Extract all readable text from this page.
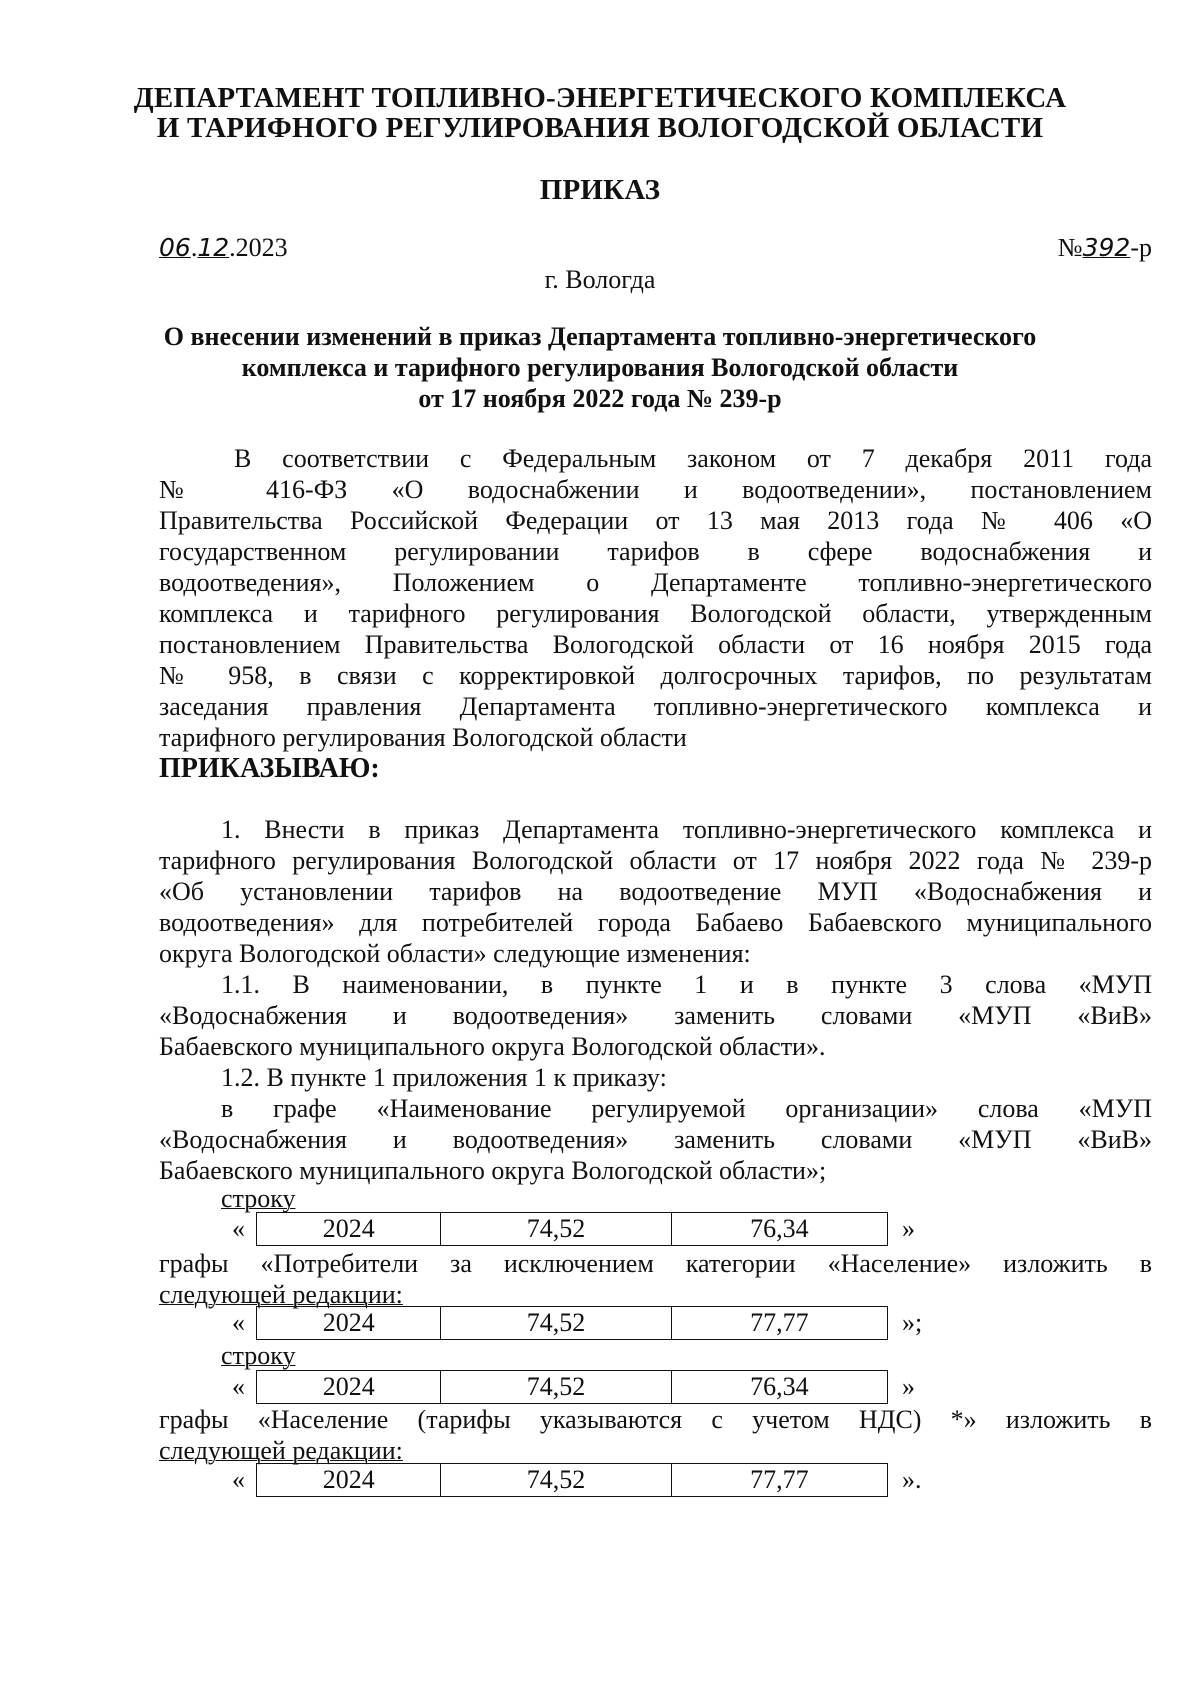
ДЕПАРТАМЕНТ ТОПЛИВНО-ЭНЕРГЕТИЧЕСКОГО КОМПЛЕКСА

И ТАРИФНОГО РЕГУЛИРОВАНИЯ ВОЛОГОДСКОЙ ОБЛАСТИ

ПРИКАЗ

06.12.2023	№392-р

г. Вологда

О внесении изменений в приказ Департамента топливно-энергетического

комплекса и тарифного регулирования Вологодской области

от 17 ноября 2022 года № 239-р

В соответствии с Федеральным законом от 7 декабря 2011 года
№ 416-ФЗ «О водоснабжении и водоотведении», постановлением
Правительства Российской Федерации от 13 мая 2013 года № 406 «О
государственном регулировании тарифов в сфере водоснабжения и
водоотведения», Положением о Департаменте топливно-энергетического
комплекса и тарифного регулирования Вологодской области, утвержденным
постановлением Правительства Вологодской области от 16 ноября 2015 года
№ 958, в связи с корректировкой долгосрочных тарифов, по результатам
заседания правления Департамента топливно-энергетического комплекса и
тарифного регулирования Вологодской области
ПРИКАЗЫВАЮ:
1. Внести в приказ Департамента топливно-энергетического комплекса и
тарифного регулирования Вологодской области от 17 ноября 2022 года № 239-р
«Об установлении тарифов на водоотведение МУП «Водоснабжения и
водоотведения» для потребителей города Бабаево Бабаевского муниципального
округа Вологодской области» следующие изменения:
1.1. В наименовании, в пункте 1 и в пункте 3 слова «МУП
«Водоснабжения и водоотведения» заменить словами «МУП «ВиВ»
Бабаевского муниципального округа Вологодской области».
1.2. В пункте 1 приложения 1 к приказу:
в графе «Наименование регулируемой организации» слова «МУП
«Водоснабжения и водоотведения» заменить словами «МУП «ВиВ»
Бабаевского муниципального округа Вологодской области»;
строку
«	2024	74,52	76,34	»
графы «Потребители за исключением категории «Население» изложить в
следующей редакции:
«	2024	74,52	77,77	»;
строку
«	2024	74,52	76,34	»
графы «Население (тарифы указываются с учетом НДС) *» изложить в
следующей редакции:
«	2024	74,52	77,77	».
